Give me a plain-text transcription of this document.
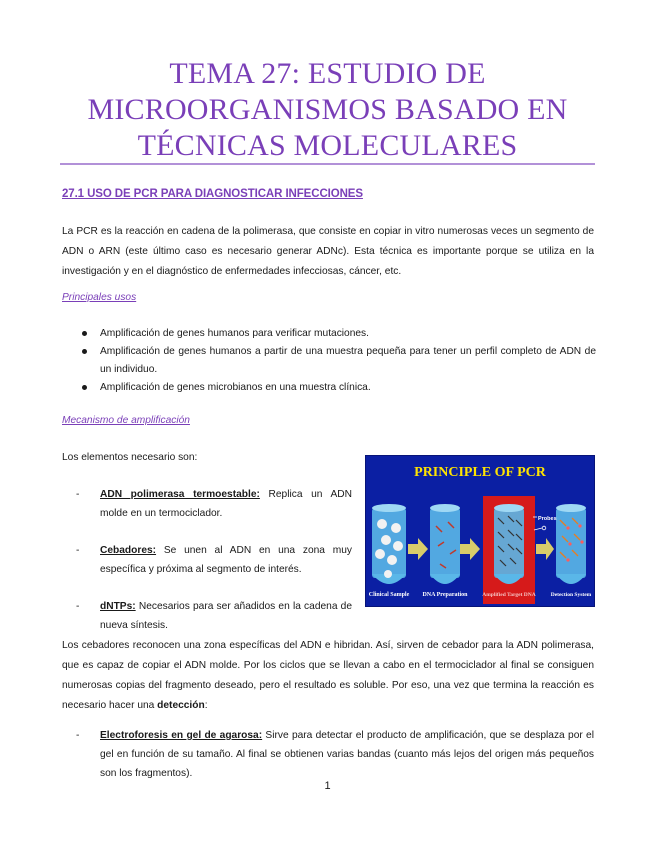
TEMA 27: ESTUDIO DE
MICROORGANISMOS BASADO EN
TÉCNICAS MOLECULARES
27.1 USO DE PCR PARA DIAGNOSTICAR INFECCIONES
La PCR es la reacción en cadena de la polimerasa, que consiste en copiar in vitro numerosas veces un segmento de ADN o ARN (este último caso es necesario generar ADNc). Esta técnica es importante porque se utiliza en la investigación y en el diagnóstico de enfermedades infecciosas, cáncer, etc.
Principales usos
Amplificación de genes humanos para verificar mutaciones.
Amplificación de genes humanos a partir de una muestra pequeña para tener un perfil completo de ADN de un individuo.
Amplificación de genes microbianos en una muestra clínica.
Mecanismo de amplificación
Los elementos necesario son:
- ADN polimerasa termoestable: Replica un ADN molde en un termociclador.
- Cebadores: Se unen al ADN en una zona muy específica y próxima al segmento de interés.
- dNTPs: Necesarios para ser añadidos en la cadena de nueva síntesis.
PRINCIPLE OF PCR
Probes
Clinical Sample DNA Preparation	Amplified Target DNA	Detection System
Los cebadores reconocen una zona específicas del ADN e hibridan. Así, sirven de cebador para la ADN polimerasa, que es capaz de copiar el ADN molde. Por los ciclos que se llevan a cabo en el termociclador al final se consiguen numerosas copias del fragmento deseado, pero el resultado es soluble. Por eso, una vez que termina la reacción es necesario hacer una detección:
- Electroforesis en gel de agarosa: Sirve para detectar el producto de amplificación, que se desplaza por el gel en función de su tamaño. Al final se obtienen varias bandas (cuanto más lejos del origen más pequeños son los fragmentos).
1
